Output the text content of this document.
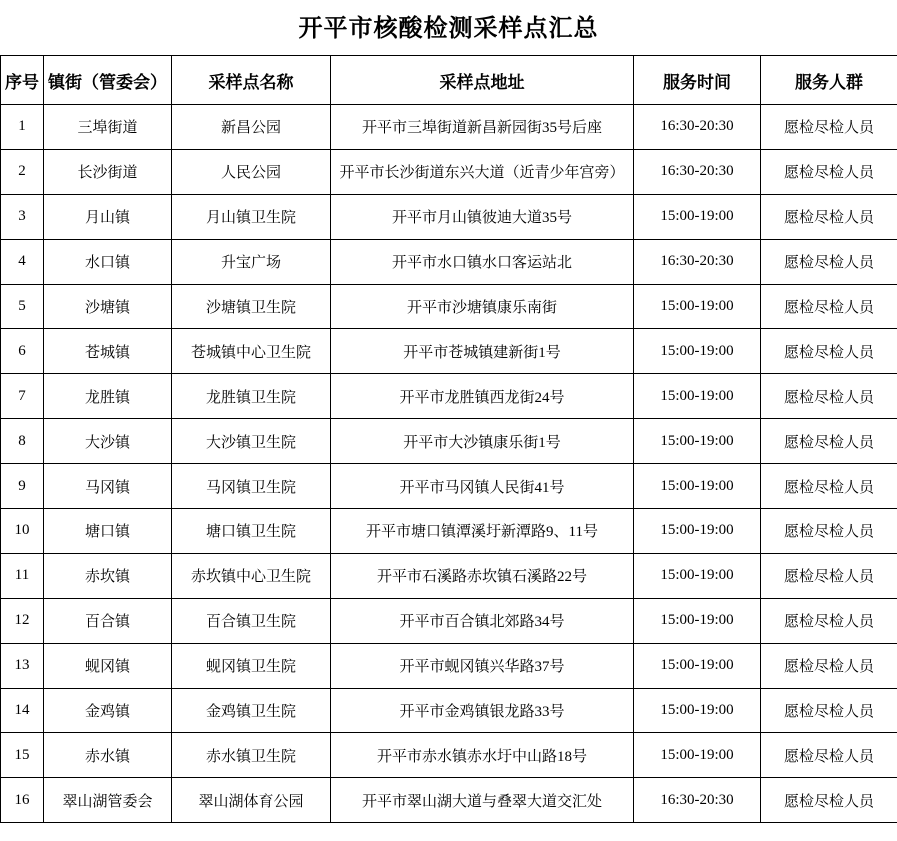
开平市核酸检测采样点汇总
序号	镇街（管委会）	采样点名称	采样点地址	服务时间	服务人群
1	三埠街道	新昌公园	开平市三埠街道新昌新园街35号后座	16:30-20:30	愿检尽检人员
2	长沙街道	人民公园	开平市长沙街道东兴大道（近青少年宫旁）	16:30-20:30	愿检尽检人员
3	月山镇	月山镇卫生院	开平市月山镇彼迪大道35号	15:00-19:00	愿检尽检人员
4	水口镇	升宝广场	开平市水口镇水口客运站北	16:30-20:30	愿检尽检人员
5	沙塘镇	沙塘镇卫生院	开平市沙塘镇康乐南街	15:00-19:00	愿检尽检人员
6	苍城镇	苍城镇中心卫生院	开平市苍城镇建新街1号	15:00-19:00	愿检尽检人员
7	龙胜镇	龙胜镇卫生院	开平市龙胜镇西龙街24号	15:00-19:00	愿检尽检人员
8	大沙镇	大沙镇卫生院	开平市大沙镇康乐街1号	15:00-19:00	愿检尽检人员
9	马冈镇	马冈镇卫生院	开平市马冈镇人民街41号	15:00-19:00	愿检尽检人员
10	塘口镇	塘口镇卫生院	开平市塘口镇潭溪圩新潭路9、11号	15:00-19:00	愿检尽检人员
11	赤坎镇	赤坎镇中心卫生院	开平市石溪路赤坎镇石溪路22号	15:00-19:00	愿检尽检人员
12	百合镇	百合镇卫生院	开平市百合镇北郊路34号	15:00-19:00	愿检尽检人员
13	蚬冈镇	蚬冈镇卫生院	开平市蚬冈镇兴华路37号	15:00-19:00	愿检尽检人员
14	金鸡镇	金鸡镇卫生院	开平市金鸡镇银龙路33号	15:00-19:00	愿检尽检人员
15	赤水镇	赤水镇卫生院	开平市赤水镇赤水圩中山路18号	15:00-19:00	愿检尽检人员
16	翠山湖管委会	翠山湖体育公园	开平市翠山湖大道与叠翠大道交汇处	16:30-20:30	愿检尽检人员
